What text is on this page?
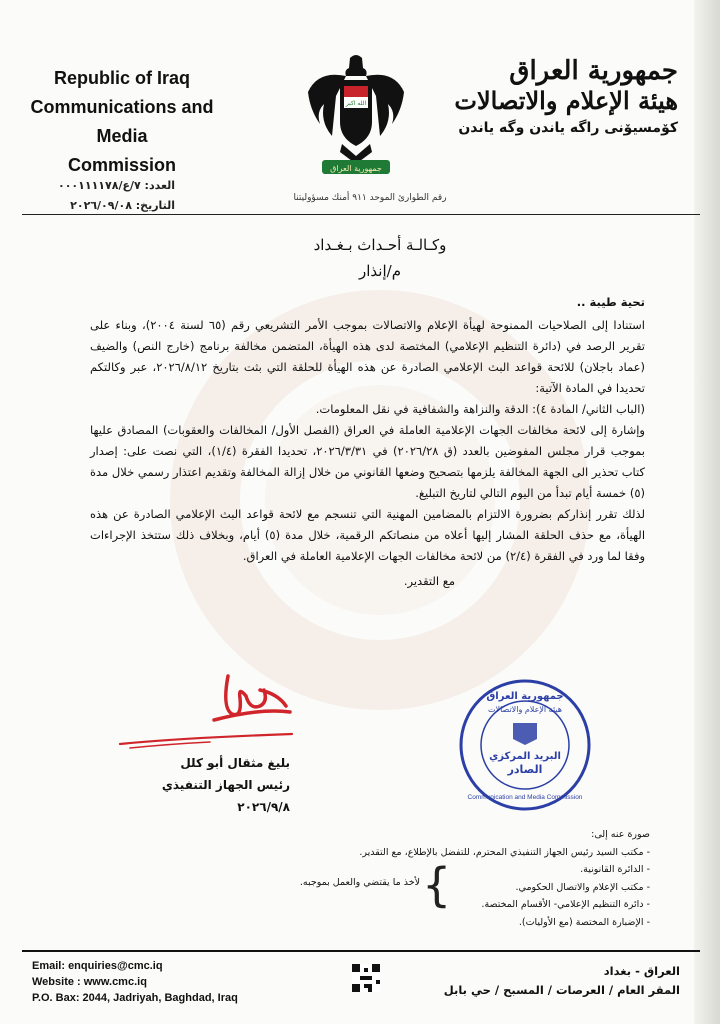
Republic of Iraq
Communications and Media
Commission
الله اكبر
جمهورية العراق
جمهورية العراق
هيئة الإعلام والاتصالات
كۆمسیۆنی راگه یاندن وگه یاندن
رقم الطوارئ الموحد ٩١١ أمنك مسؤوليتنا
العدد: ٧/ع/٠٠٠١١١١٧٨
التاريخ: ٢٠٢٦/٠٩/٠٨
وكـالـة أحـداث بـغـداد
م/إنذار

تحية طيبة ..

استنادا إلى الصلاحيات الممنوحة لهيأة الإعلام والاتصالات بموجب الأمر التشريعي رقم (٦٥ لسنة ٢٠٠٤)، وبناء على تقرير الرصد في (دائرة التنظيم الإعلامي) المختصة لدى هذه الهيأة، المتضمن مخالفة برنامج (خارج النص) والضيف (عماد باجلان) للائحة قواعد البث الإعلامي الصادرة عن هذه الهيأة للحلقة التي بثت بتاريخ ٢٠٢٦/٨/١٢، عبر وكالتكم تحديدا في المادة الآتية:

(الباب الثاني/ المادة ٤): الدقة والنزاهة والشفافية في نقل المعلومات.

وإشارة إلى لائحة مخالفات الجهات الإعلامية العاملة في العراق (الفصل الأول/ المخالفات والعقوبات) المصادق عليها بموجب قرار مجلس المفوضين بالعدد (ق ٢٠٢٦/٢٨) في ٢٠٢٦/٣/٣١، تحديدا الفقرة (١/٤)، التي نصت على: إصدار كتاب تحذير الى الجهة المخالفة يلزمها بتصحيح وضعها القانوني من خلال إزالة المخالفة وتقديم اعتذار رسمي خلال مدة (٥) خمسة أيام تبدأ من اليوم التالي لتاريخ التبليغ.

لذلك تقرر إنذاركم بضرورة الالتزام بالمضامين المهنية التي تنسجم مع لائحة قواعد البث الإعلامي الصادرة عن هذه الهيأة، مع حذف الحلقة المشار إليها أعلاه من منصاتكم الرقمية، خلال مدة (٥) أيام، وبخلاف ذلك ستتخذ الإجراءات وفقا لما ورد في الفقرة (٢/٤) من لائحة مخالفات الجهات الإعلامية العاملة في العراق.

مع التقدير.

بليغ مثقال أبو كلل
رئيس الجهاز التنفيذي
٢٠٢٦/٩/٨
جمهورية العراق
هيئة الإعلام والاتصالات
البريد المركزي
الصادر
Communication and Media Commission
صورة عنه إلى:
- مكتب السيد رئيس الجهاز التنفيذي المحترم، للتفضل بالإطلاع، مع التقدير.
- الدائرة القانونية.
- مكتب الإعلام والاتصال الحكومي.
- دائرة التنظيم الإعلامي- الأقسام المختصة.
- الإضبارة المختصة (مع الأوليات).
{
لأخذ ما يقتضي والعمل بموجبه.
Email: enquiries@cmc.iq
Website : www.cmc.iq
P.O. Bax: 2044, Jadriyah, Baghdad, Iraq
العراق - بغداد
المقر العام / العرصات / المسبح / حي بابل
